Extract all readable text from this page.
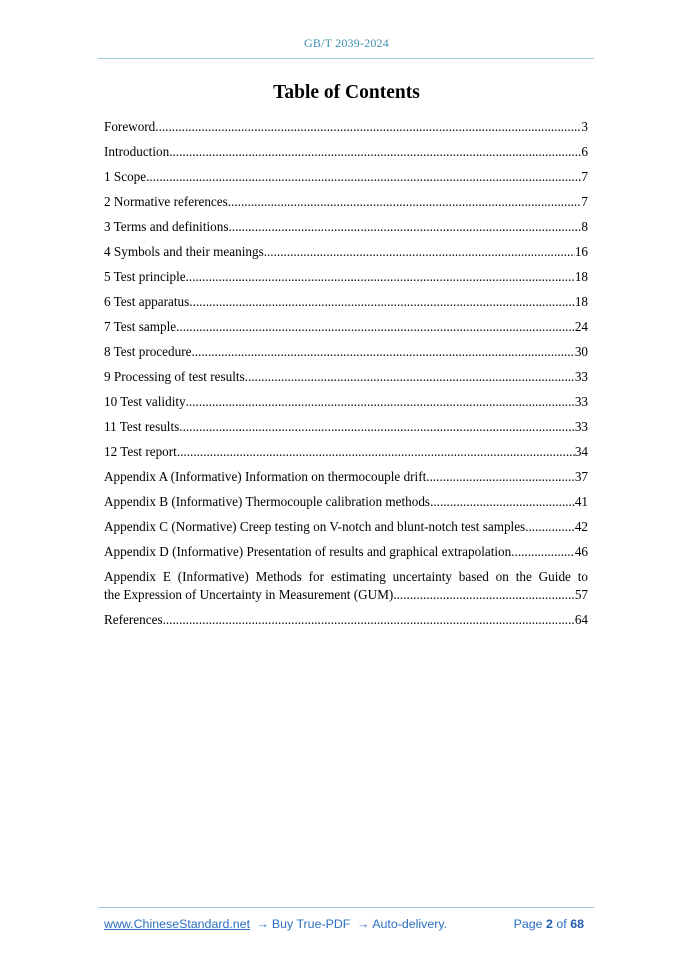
GB/T 2039-2024
Table of Contents
Foreword .....	3
Introduction .....	6
1 Scope .....	7
2 Normative references .....	7
3 Terms and definitions .....	8
4 Symbols and their meanings .....	16
5 Test principle .....	18
6 Test apparatus .....	18
7 Test sample .....	24
8 Test procedure .....	30
9 Processing of test results .....	33
10 Test validity .....	33
11 Test results .....	33
12 Test report .....	34
Appendix A (Informative) Information on thermocouple drift .....	37
Appendix B (Informative) Thermocouple calibration methods .....	41
Appendix C (Normative) Creep testing on V-notch and blunt-notch test samples .....	42
Appendix D (Informative) Presentation of results and graphical extrapolation .....	46
Appendix E (Informative) Methods for estimating uncertainty based on the Guide to
the Expression of Uncertainty in Measurement (GUM) .....	57
References .....	64
www.ChineseStandard.net → Buy True-PDF → Auto-delivery.	Page 2 of 68
